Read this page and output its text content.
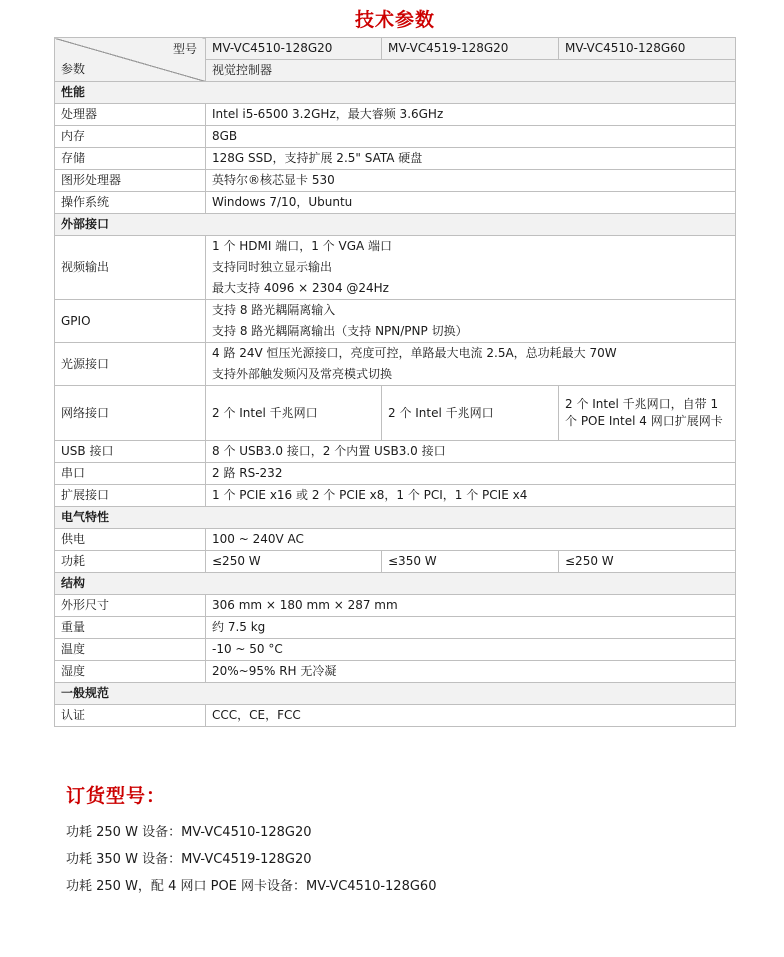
技术参数
型号
参数	MV-VC4510-128G20	MV-VC4519-128G20	MV-VC4510-128G60
	视觉控制器		
性能			
处理器	Intel i5-6500 3.2GHz，最大睿频 3.6GHz		
内存	8GB		
存储	128G SSD，支持扩展 2.5" SATA 硬盘		
图形处理器	英特尔®核芯显卡 530		
操作系统	Windows 7/10，Ubuntu		
外部接口			
视频输出	1 个 HDMI 端口，1 个 VGA 端口
支持同时独立显示输出
最大支持 4096 × 2304 @24Hz		

GPIO	支持 8 路光耦隔离输入
支持 8 路光耦隔离输出（支持 NPN/PNP 切换）		

光源接口	4 路 24V 恒压光源接口，亮度可控，单路最大电流 2.5A，总功耗最大 70W
支持外部触发频闪及常亮模式切换		

网络接口	2 个 Intel 千兆网口	2 个 Intel 千兆网口	2 个 Intel 千兆网口，自带 1 个 POE Intel 4 网口扩展网卡
USB 接口	8 个 USB3.0 接口，2 个内置 USB3.0 接口		
串口	2 路 RS-232		
扩展接口	1 个 PCIE x16 或 2 个 PCIE x8，1 个 PCI，1 个 PCIE x4		
电气特性			
供电	100 ~ 240V AC		
功耗	≤250 W	≤350 W	≤250 W
结构			
外形尺寸	306 mm × 180 mm × 287 mm		
重量	约 7.5 kg		
温度	-10 ~ 50 °C		
湿度	20%~95% RH 无冷凝		
一般规范			
认证	CCC，CE，FCC		
订货型号：
功耗 250 W 设备：MV-VC4510-128G20
功耗 350 W 设备：MV-VC4519-128G20
功耗 250 W，配 4 网口 POE 网卡设备：MV-VC4510-128G60
